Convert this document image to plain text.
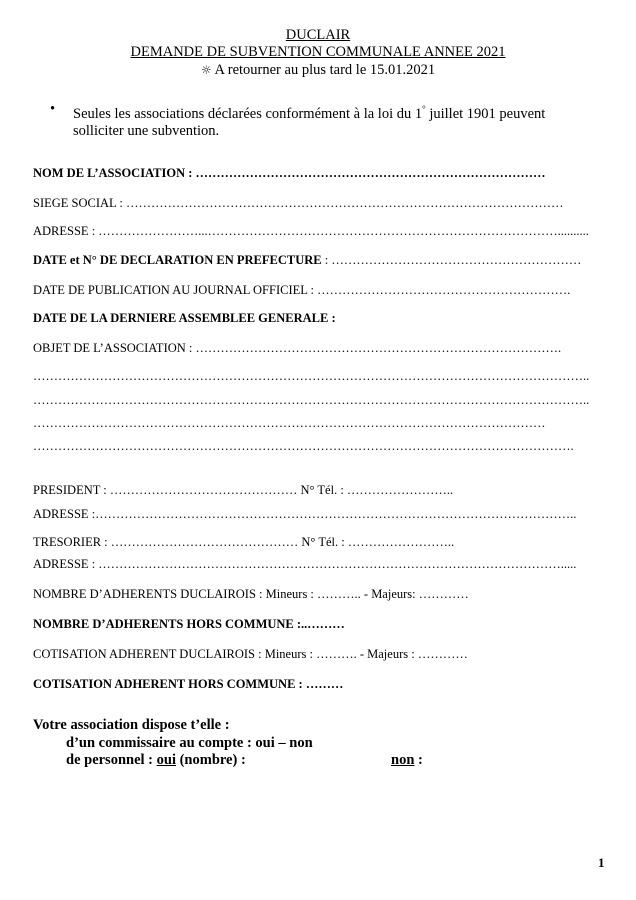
DUCLAIR
DEMANDE DE SUBVENTION COMMUNALE ANNEE 2021
☼ A retourner au plus tard le 15.01.2021
• Seules les associations déclarées conformément à la loi du 1° juillet 1901 peuvent
solliciter une subvention.
NOM DE L’ASSOCIATION : …………………………………………………………………………
SIEGE SOCIAL : ……………………………………………………………………………………………
ADRESSE : ……………………...…………………………………………………………………………..........
DATE et N° DE DECLARATION EN PREFECTURE : ……………………………………………………
DATE DE PUBLICATION AU JOURNAL OFFICIEL : …………………………………………………….
DATE DE LA DERNIERE ASSEMBLEE GENERALE :
OBJET DE L’ASSOCIATION : …………………………………………………………………………….
……………………………………………………………………………………………………………………..
……………………………………………………………………………………………………………………..
……………………………………………………………………………………………………………
………………………………………………………………………………………………………………….
PRESIDENT : ……………………………………… N° Tél. : ……………………..
ADRESSE :……………………………………………………………………………………………………..
TRESORIER : ……………………………………… N° Tél. : ……………………..
ADRESSE : ………………………………………………………………………………………………….....
NOMBRE D’ADHERENTS DUCLAIROIS : Mineurs : ……….. - Majeurs: …………
NOMBRE D’ADHERENTS HORS COMMUNE :..………
COTISATION ADHERENT DUCLAIROIS : Mineurs : ………. - Majeurs : …………
COTISATION ADHERENT HORS COMMUNE : ………
Votre association dispose t’elle :
d’un commissaire au compte : oui – non
de personnel : oui (nombre) :	non :
1
